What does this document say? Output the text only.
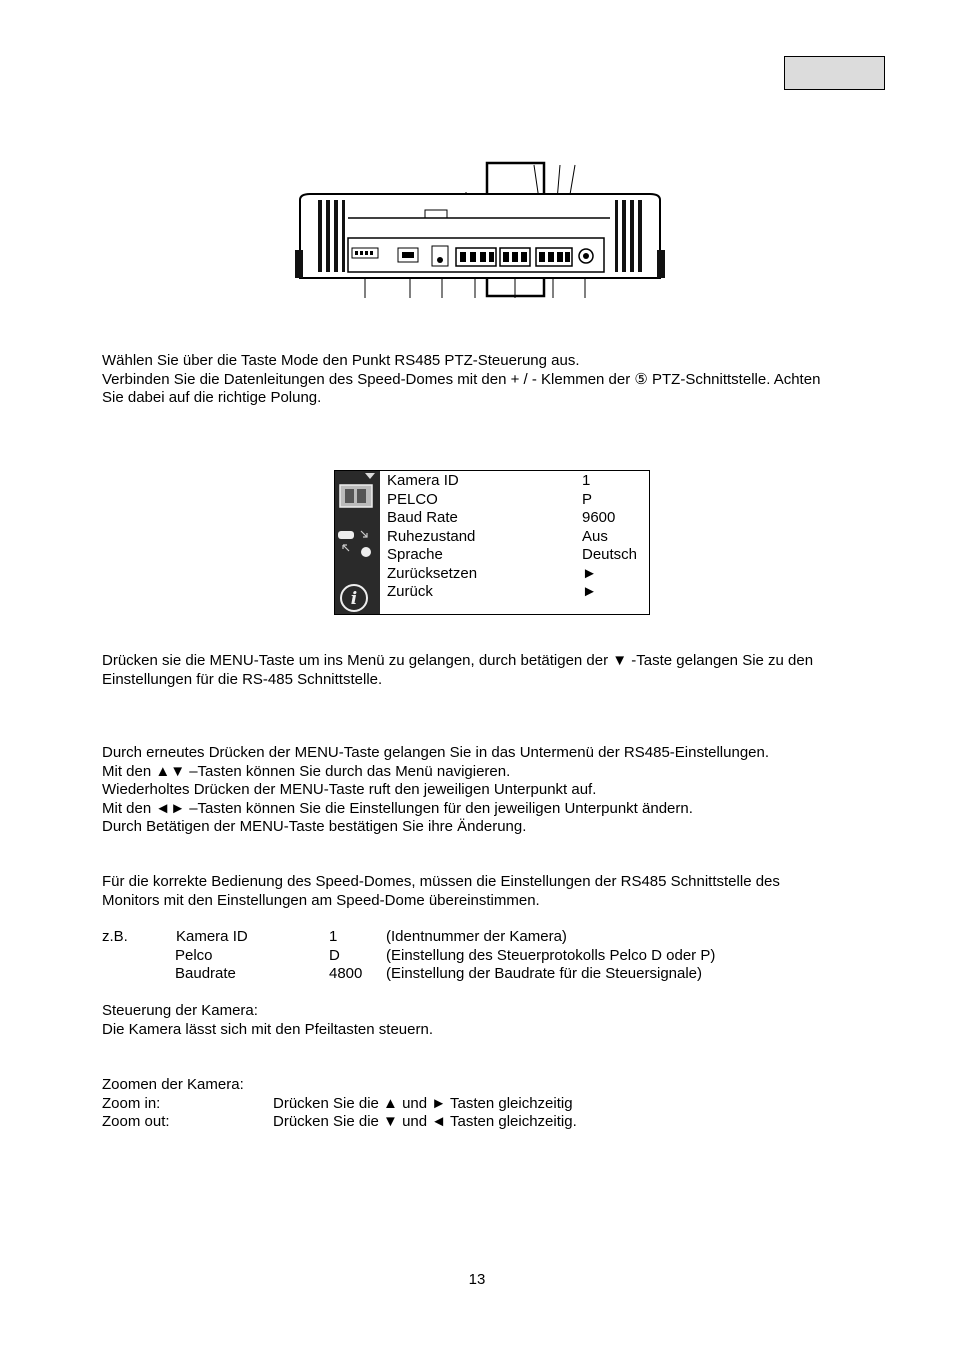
Wählen Sie über die Taste Mode den Punkt RS485 PTZ-Steuerung aus.
Verbinden Sie die Datenleitungen des Speed-Domes mit den + / - Klemmen der ⑤ PTZ-Schnittstelle. Achten
Sie dabei auf die richtige Polung.
i
Kamera ID	1
PELCO	P
Baud Rate	9600
Ruhezustand	Aus
Sprache	Deutsch
Zurücksetzen	►
Zurück	►
Drücken sie die MENU-Taste um ins Menü zu gelangen, durch betätigen der ▼ -Taste gelangen Sie zu den
Einstellungen für die RS-485 Schnittstelle.
Durch erneutes Drücken der MENU-Taste gelangen Sie in das Untermenü der RS485-Einstellungen.
Mit den ▲▼ –Tasten können Sie durch das Menü navigieren.
Wiederholtes Drücken der MENU-Taste ruft den jeweiligen Unterpunkt auf.
Mit den ◄► –Tasten können Sie die Einstellungen für den jeweiligen Unterpunkt ändern.
Durch Betätigen der MENU-Taste bestätigen Sie ihre Änderung.
Für die korrekte Bedienung des Speed-Domes, müssen die Einstellungen der RS485 Schnittstelle des
Monitors mit den Einstellungen am Speed-Dome übereinstimmen.
z.B.	Kamera ID	1	(Identnummer der Kamera)
Pelco	D	(Einstellung des Steuerprotokolls Pelco D oder P)
Baudrate	4800 (Einstellung der Baudrate für die Steuersignale)
Steuerung der Kamera:
Die Kamera lässt sich mit den Pfeiltasten steuern.
Zoomen der Kamera:
Zoom in:	Drücken Sie die ▲ und ► Tasten gleichzeitig
Zoom out:	Drücken Sie die ▼ und ◄ Tasten gleichzeitig.
13
